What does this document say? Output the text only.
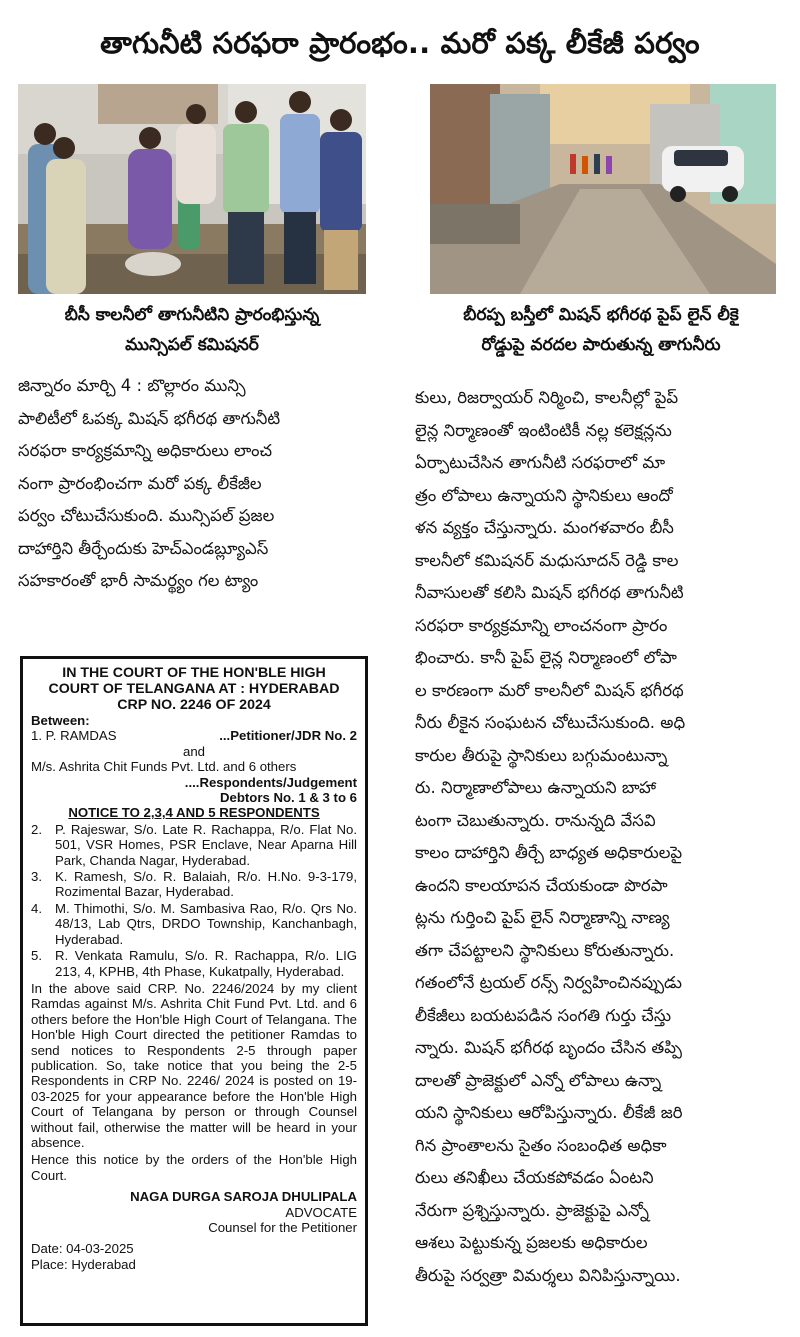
తాగునీటి సరఫరా ప్రారంభం.. మరో పక్క లీకేజీ పర్వం
బీసీ కాలనీలో తాగునీటిని ప్రారంభిస్తున్న
మున్సిపల్ కమిషనర్
బీరప్ప బస్తీలో మిషన్ భగీరథ పైప్ లైన్ లీకై
రోడ్డుపై వరదల పారుతున్న తాగునీరు
జిన్నారం మార్చి 4 : బొల్లారం మున్సి
పాలిటీలో ఓపక్క మిషన్ భగీరథ తాగునీటి
సరఫరా కార్యక్రమాన్ని అధికారులు లాంచ
నంగా ప్రారంభించగా మరో పక్క లీకేజీల
పర్వం చోటుచేసుకుంది. మున్సిపల్ ప్రజల
దాహార్తిని తీర్చేందుకు హెచ్ఎండబ్ల్యూఎస్
సహకారంతో భారీ సామర్థ్యం గల ట్యాం
కులు, రిజర్వాయర్ నిర్మించి, కాలనీల్లో పైప్
లైన్ల నిర్మాణంతో ఇంటింటికీ నల్ల కలెక్షన్లను
ఏర్పాటుచేసిన తాగునీటి సరఫరాలో మా
త్రం లోపాలు ఉన్నాయని స్థానికులు ఆందో
ళన వ్యక్తం చేస్తున్నారు. మంగళవారం బీసీ
కాలనీలో కమిషనర్ మధుసూదన్ రెడ్డి కాల
నీవాసులతో కలిసి మిషన్ భగీరథ తాగునీటి
సరఫరా కార్యక్రమాన్ని లాంచనంగా ప్రారం
భించారు. కానీ పైప్ లైన్ల నిర్మాణంలో లోపా
ల కారణంగా మరో కాలనీలో మిషన్ భగీరథ
నీరు లీకైన సంఘటన చోటుచేసుకుంది. అధి
కారుల తీరుపై స్థానికులు బగ్గుమంటున్నా
రు. నిర్మాణాలోపాలు ఉన్నాయని బాహా
టంగా చెబుతున్నారు. రానున్నది వేసవి
కాలం దాహార్తిని తీర్చే బాధ్యత అధికారులపై
ఉందని కాలయాపన చేయకుండా పొరపా
ట్లను గుర్తించి పైప్ లైన్ నిర్మాణాన్ని నాణ్య
తగా చేపట్టాలని స్థానికులు కోరుతున్నారు.
గతంలోనే ట్రయల్ రన్స్ నిర్వహించినప్పుడు
లీకేజీలు బయటపడిన సంగతి గుర్తు చేస్తు
న్నారు. మిషన్ భగీరథ బృందం చేసిన తప్పి
దాలతో ప్రాజెక్టులో ఎన్నో లోపాలు ఉన్నా
యని స్థానికులు ఆరోపిస్తున్నారు. లీకేజీ జరి
గిన ప్రాంతాలను సైతం సంబంధిత అధికా
రులు తనిఖీలు చేయకపోవడం ఏంటని
నేరుగా ప్రశ్నిస్తున్నారు. ప్రాజెక్టుపై ఎన్నో
ఆశలు పెట్టుకున్న ప్రజలకు అధికారుల
తీరుపై సర్వత్రా విమర్శలు వినిపిస్తున్నాయి.
IN THE COURT OF THE HON'BLE HIGH
COURT OF TELANGANA AT : HYDERABAD
CRP NO. 2246 OF 2024
Between:
1. P. RAMDAS	...Petitioner/JDR No. 2
and
M/s. Ashrita Chit Funds Pvt. Ltd. and 6 others
....Respondents/Judgement
Debtors No. 1 & 3 to 6
NOTICE TO 2,3,4 AND 5 RESPONDENTS
2. P. Rajeswar, S/o. Late R. Rachappa, R/o. Flat No. 501, VSR Homes, PSR Enclave, Near Aparna Hill Park, Chanda Nagar, Hyderabad.
3. K. Ramesh, S/o. R. Balaiah, R/o. H.No. 9-3-179, Rozimental Bazar, Hyderabad.
4. M. Thimothi, S/o. M. Sambasiva Rao, R/o. Qrs No. 48/13, Lab Qtrs, DRDO Township, Kanchanbagh, Hyderabad.
5. R. Venkata Ramulu, S/o. R. Rachappa, R/o. LIG 213, 4, KPHB, 4th Phase, Kukatpally, Hyderabad.
In the above said CRP. No. 2246/2024 by my client Ramdas against M/s. Ashrita Chit Fund Pvt. Ltd. and 6 others before the Hon'ble High Court of Telangana. The Hon'ble High Court directed the petitioner Ramdas to send notices to Respondents 2-5 through paper publication. So, take notice that you being the 2-5 Respondents in CRP No. 2246/ 2024 is posted on 19-03-2025 for your appearance before the Hon'ble High Court of Telangana by person or through Counsel without fail, otherwise the matter will be heard in your absence.
Hence this notice by the orders of the Hon'ble High Court.
NAGA DURGA SAROJA DHULIPALA
ADVOCATE
Counsel for the Petitioner
Date: 04-03-2025
Place: Hyderabad
